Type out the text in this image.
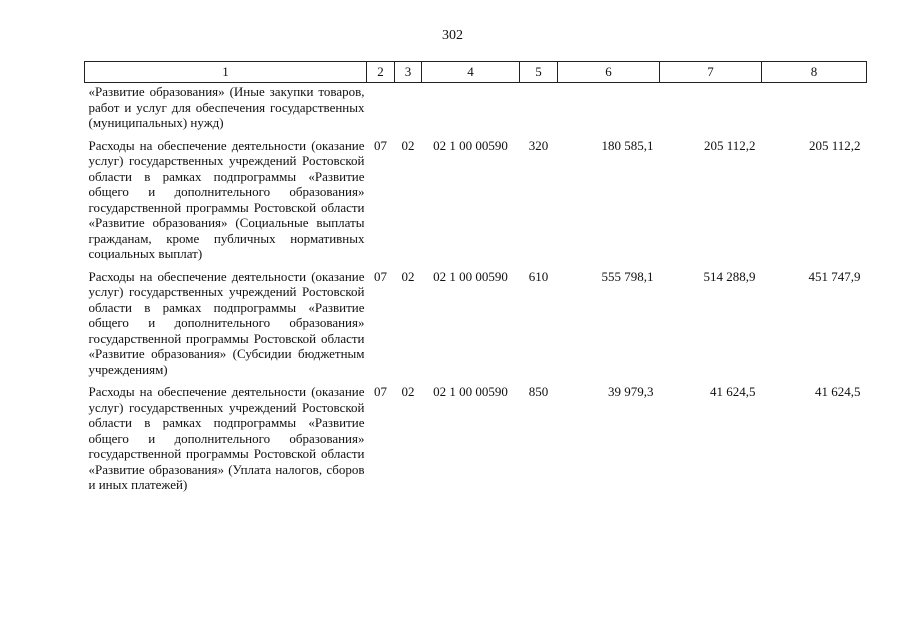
302
1	2	3	4	5	6	7	8
«Развитие образования» (Иные закупки товаров, работ и услуг для обеспечения государственных (муниципальных) нужд)							
Расходы на обеспечение деятельности (оказание услуг) государственных учреждений Ростовской области в рамках подпрограммы «Развитие общего и дополнительного образования» государственной программы Ростовской области «Развитие образования» (Социальные выплаты гражданам, кроме публичных нормативных социальных выплат)	07	02	02 1 00 00590	320	180 585,1	205 112,2	205 112,2
Расходы на обеспечение деятельности (оказание услуг) государственных учреждений Ростовской области в рамках подпрограммы «Развитие общего и дополнительного образования» государственной программы Ростовской области «Развитие образования» (Субсидии бюджетным учреждениям)	07	02	02 1 00 00590	610	555 798,1	514 288,9	451 747,9
Расходы на обеспечение деятельности (оказание услуг) государственных учреждений Ростовской области в рамках подпрограммы «Развитие общего и дополнительного образования» государственной программы Ростовской области «Развитие образования» (Уплата налогов, сборов и иных платежей)	07	02	02 1 00 00590	850	39 979,3	41 624,5	41 624,5
